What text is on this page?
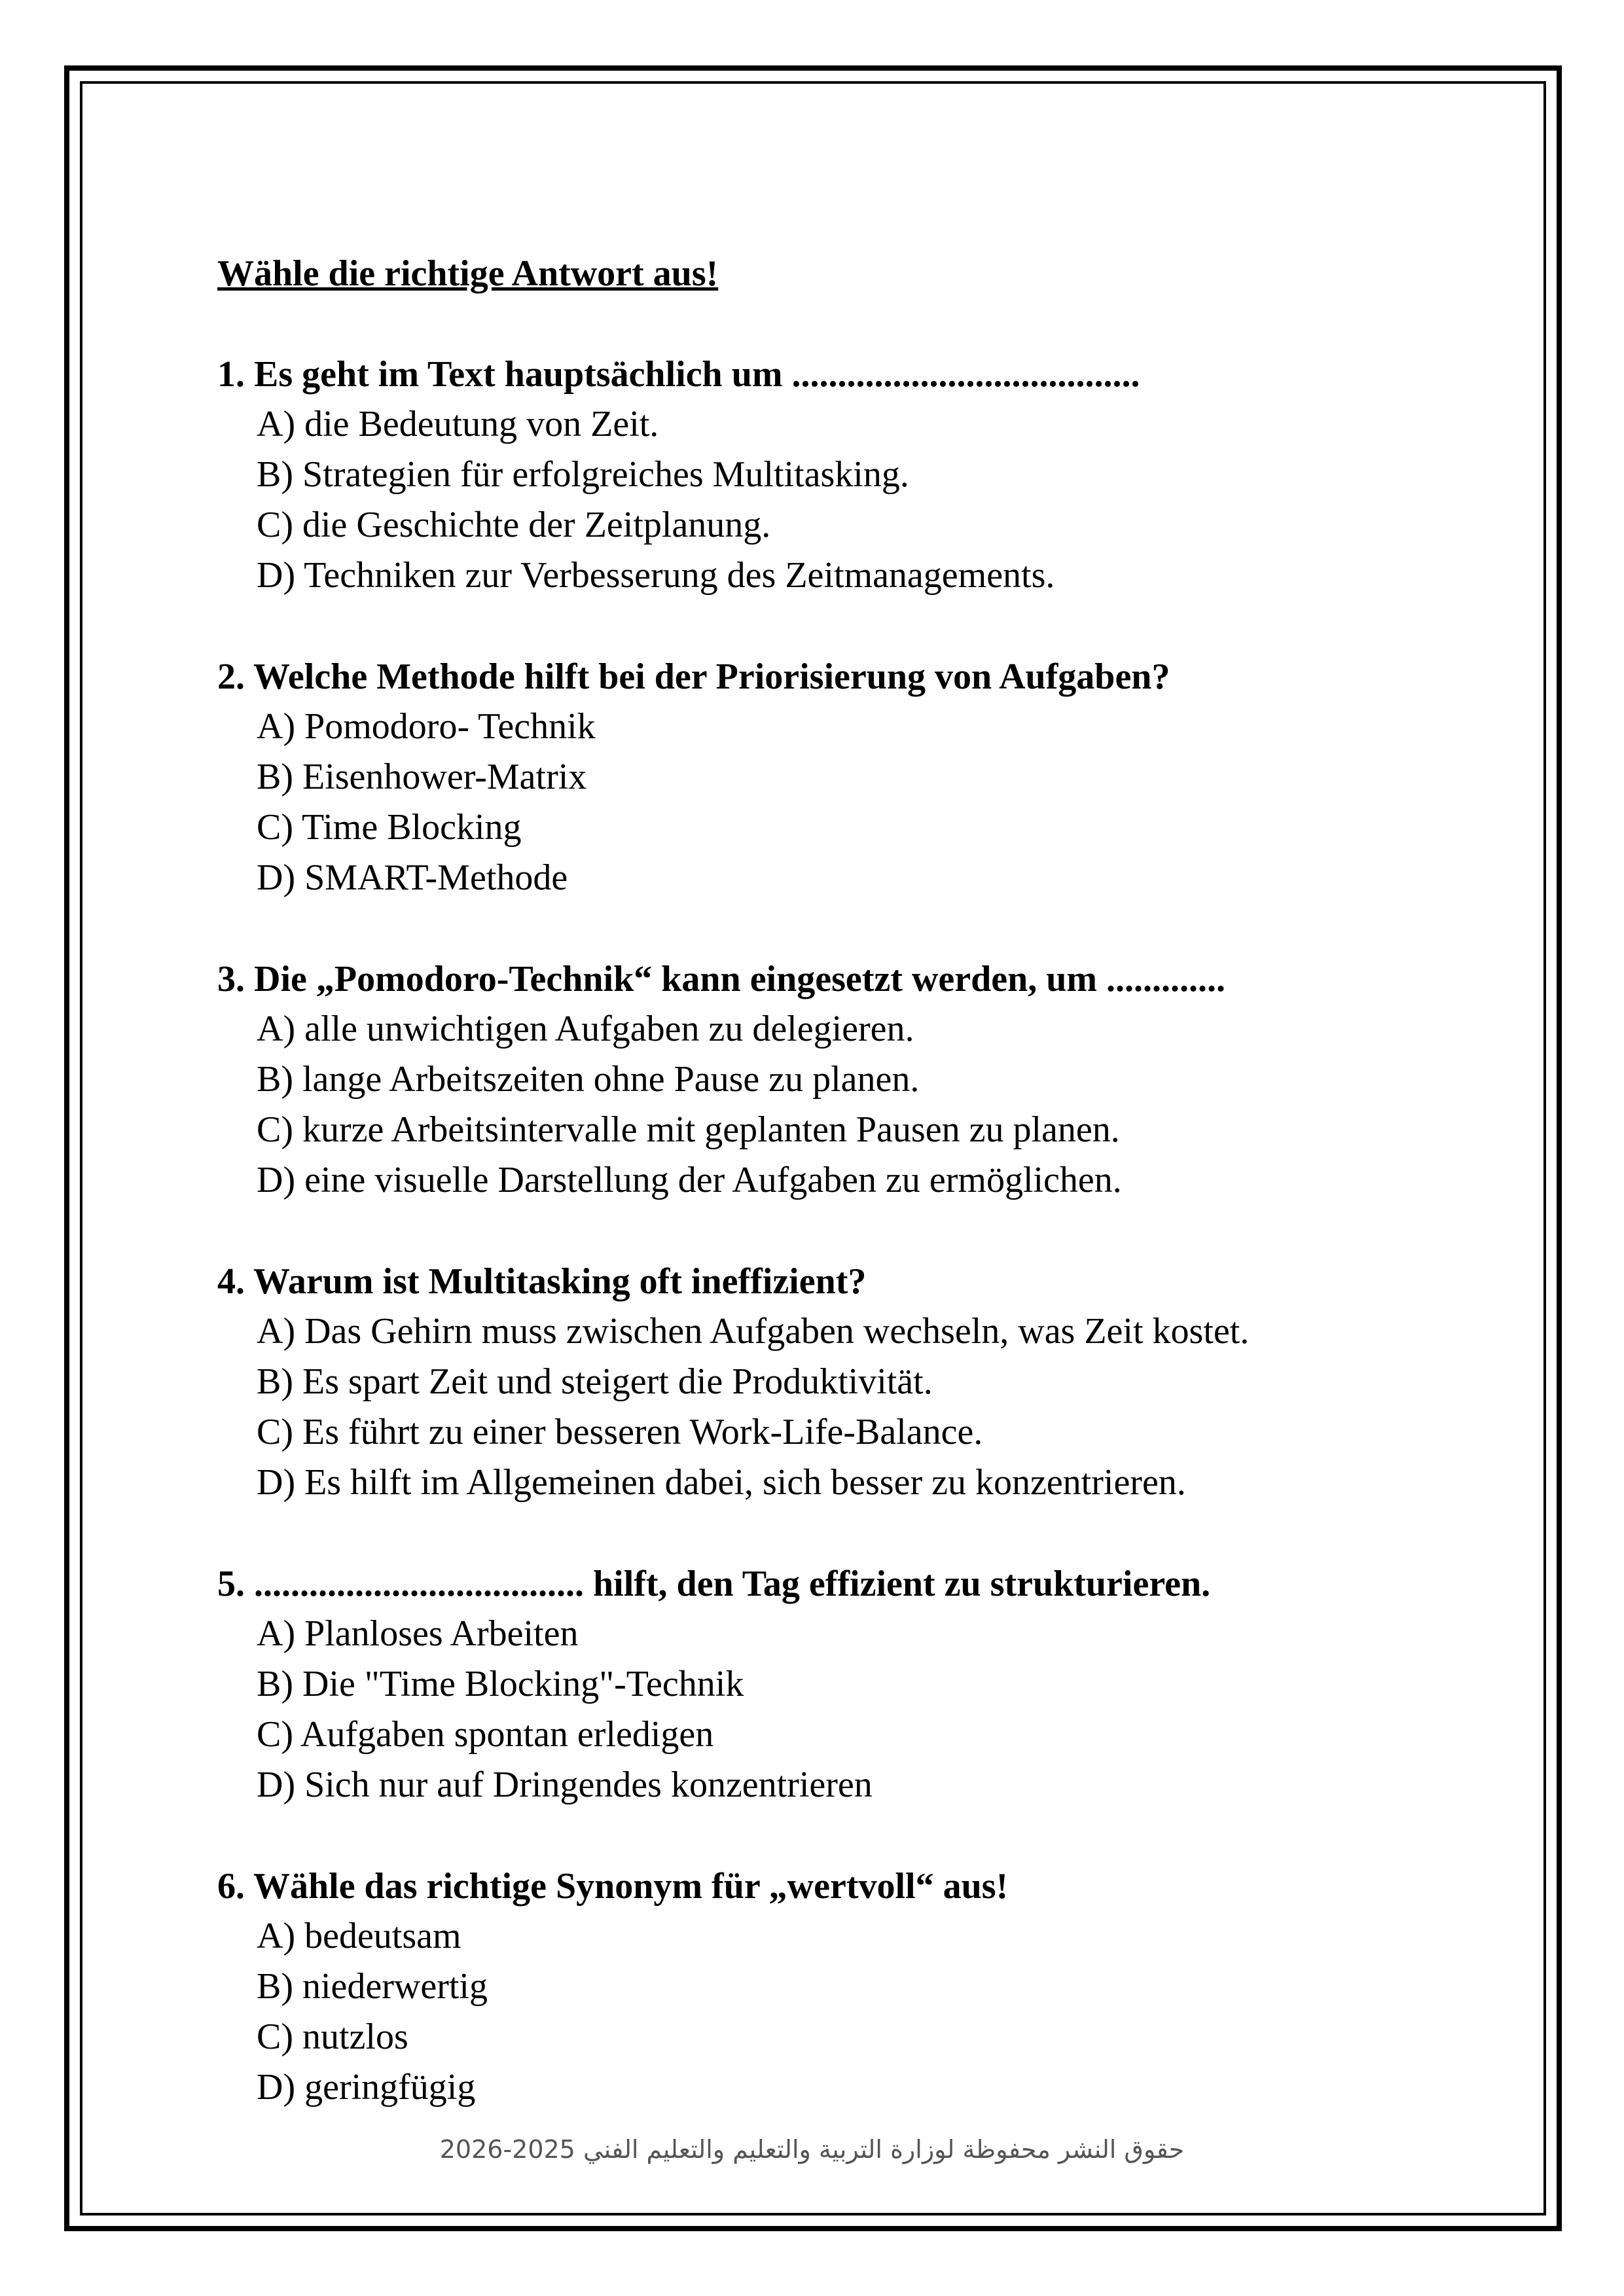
Wähle die richtige Antwort aus!
1. Es geht im Text hauptsächlich um ......................................
A) die Bedeutung von Zeit.
B) Strategien für erfolgreiches Multitasking.
C) die Geschichte der Zeitplanung.
D) Techniken zur Verbesserung des Zeitmanagements.
2. Welche Methode hilft bei der Priorisierung von Aufgaben?
A) Pomodoro- Technik
B) Eisenhower-Matrix
C) Time Blocking
D) SMART-Methode
3. Die „Pomodoro-Technik“ kann eingesetzt werden, um .............
A) alle unwichtigen Aufgaben zu delegieren.
B) lange Arbeitszeiten ohne Pause zu planen.
C) kurze Arbeitsintervalle mit geplanten Pausen zu planen.
D) eine visuelle Darstellung der Aufgaben zu ermöglichen.
4. Warum ist Multitasking oft ineffizient?
A) Das Gehirn muss zwischen Aufgaben wechseln, was Zeit kostet.
B) Es spart Zeit und steigert die Produktivität.
C) Es führt zu einer besseren Work-Life-Balance.
D) Es hilft im Allgemeinen dabei, sich besser zu konzentrieren.
5. .................................... hilft, den Tag effizient zu strukturieren.
A) Planloses Arbeiten
B) Die "Time Blocking"-Technik
C) Aufgaben spontan erledigen
D) Sich nur auf Dringendes konzentrieren
6. Wähle das richtige Synonym für „wertvoll“ aus!
A) bedeutsam
B) niederwertig
C) nutzlos
D) geringfügig
حقوق النشر محفوظة لوزارة التربية والتعليم والتعليم الفني 2025-2026
